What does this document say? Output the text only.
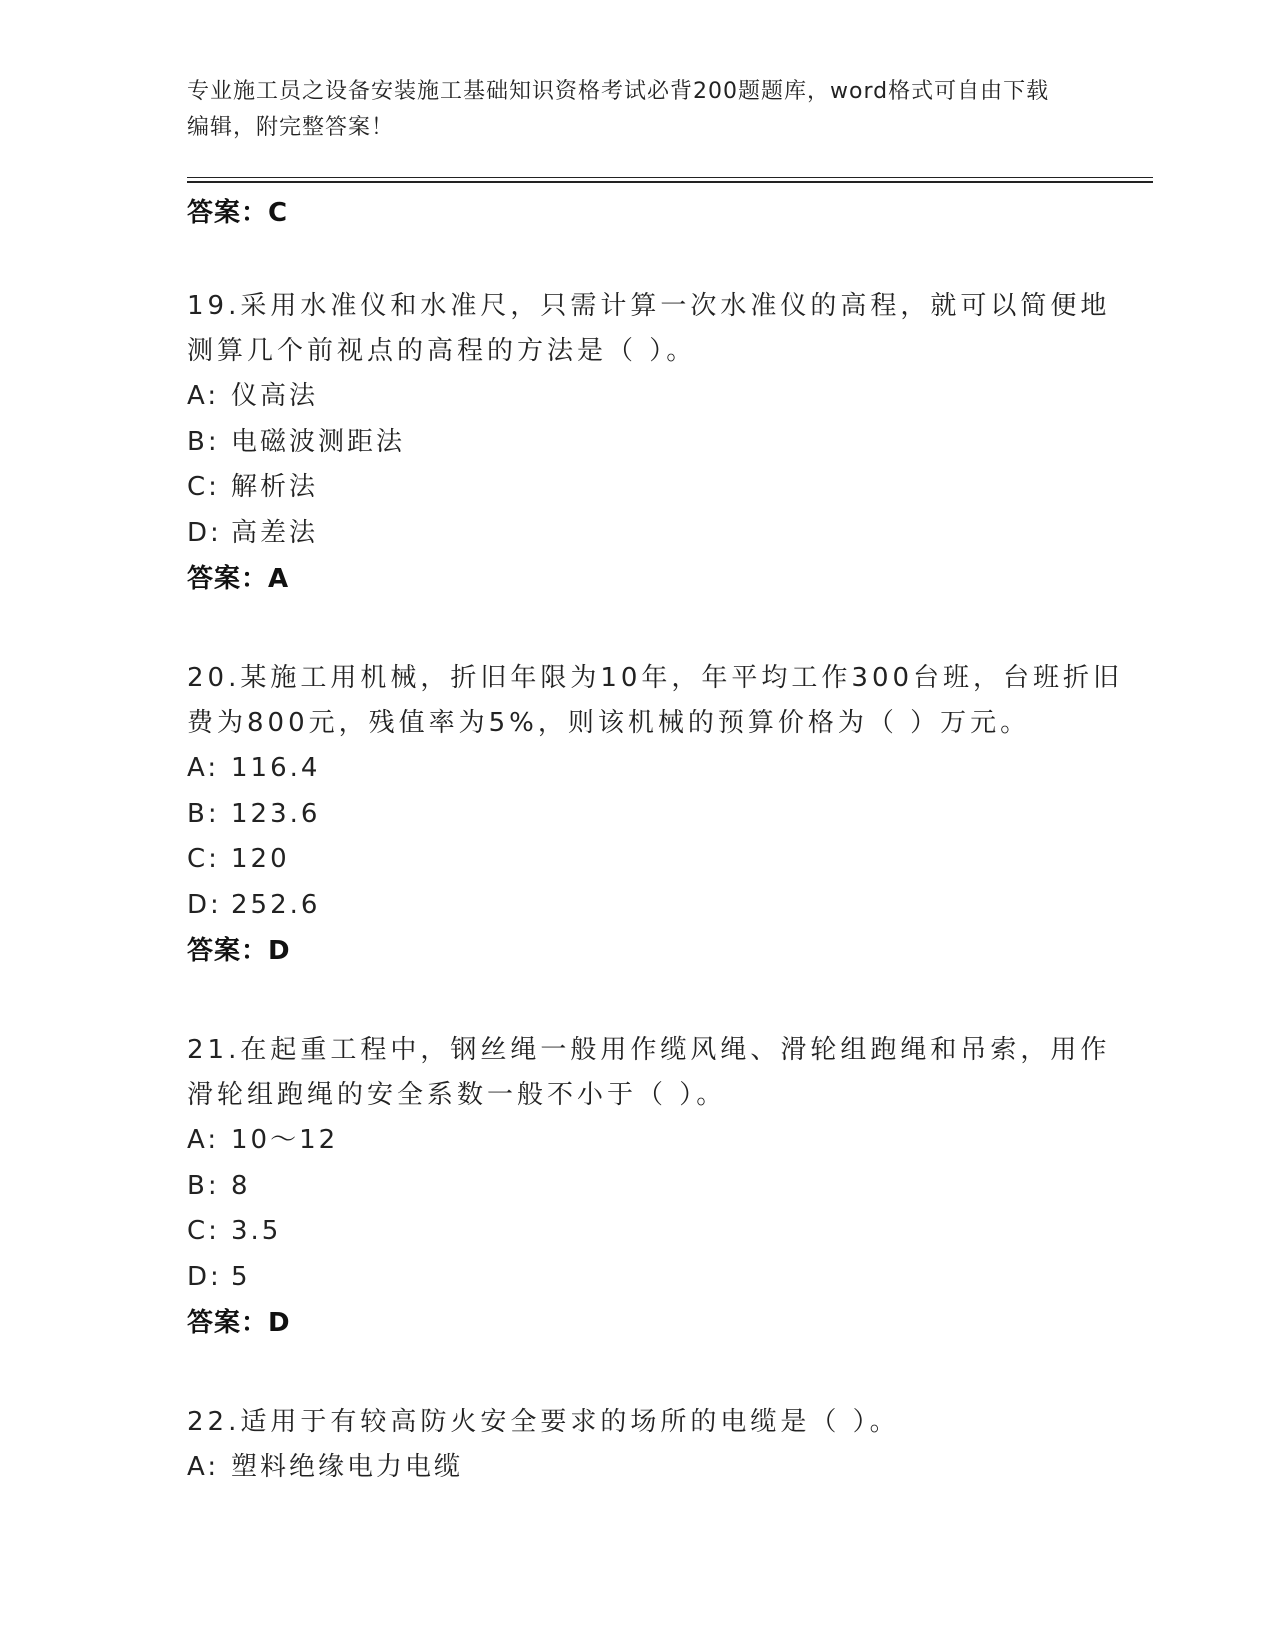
专业施工员之设备安装施工基础知识资格考试必背200题题库，word格式可自由下载编辑，附完整答案！

答案：C

19.采用水准仪和水准尺，只需计算一次水准仪的高程，就可以简便地测算几个前视点的高程的方法是（ ）。

A: 仪高法

B: 电磁波测距法

C: 解析法

D: 高差法

答案：A

20.某施工用机械，折旧年限为10年，年平均工作300台班，台班折旧费为800元，残值率为5%，则该机械的预算价格为（ ）万元。

A: 116.4

B: 123.6

C: 120

D: 252.6

答案：D

21.在起重工程中，钢丝绳一般用作缆风绳、滑轮组跑绳和吊索，用作滑轮组跑绳的安全系数一般不小于（ ）。

A: 10～12

B: 8

C: 3.5

D: 5

答案：D

22.适用于有较高防火安全要求的场所的电缆是（ ）。

A: 塑料绝缘电力电缆
